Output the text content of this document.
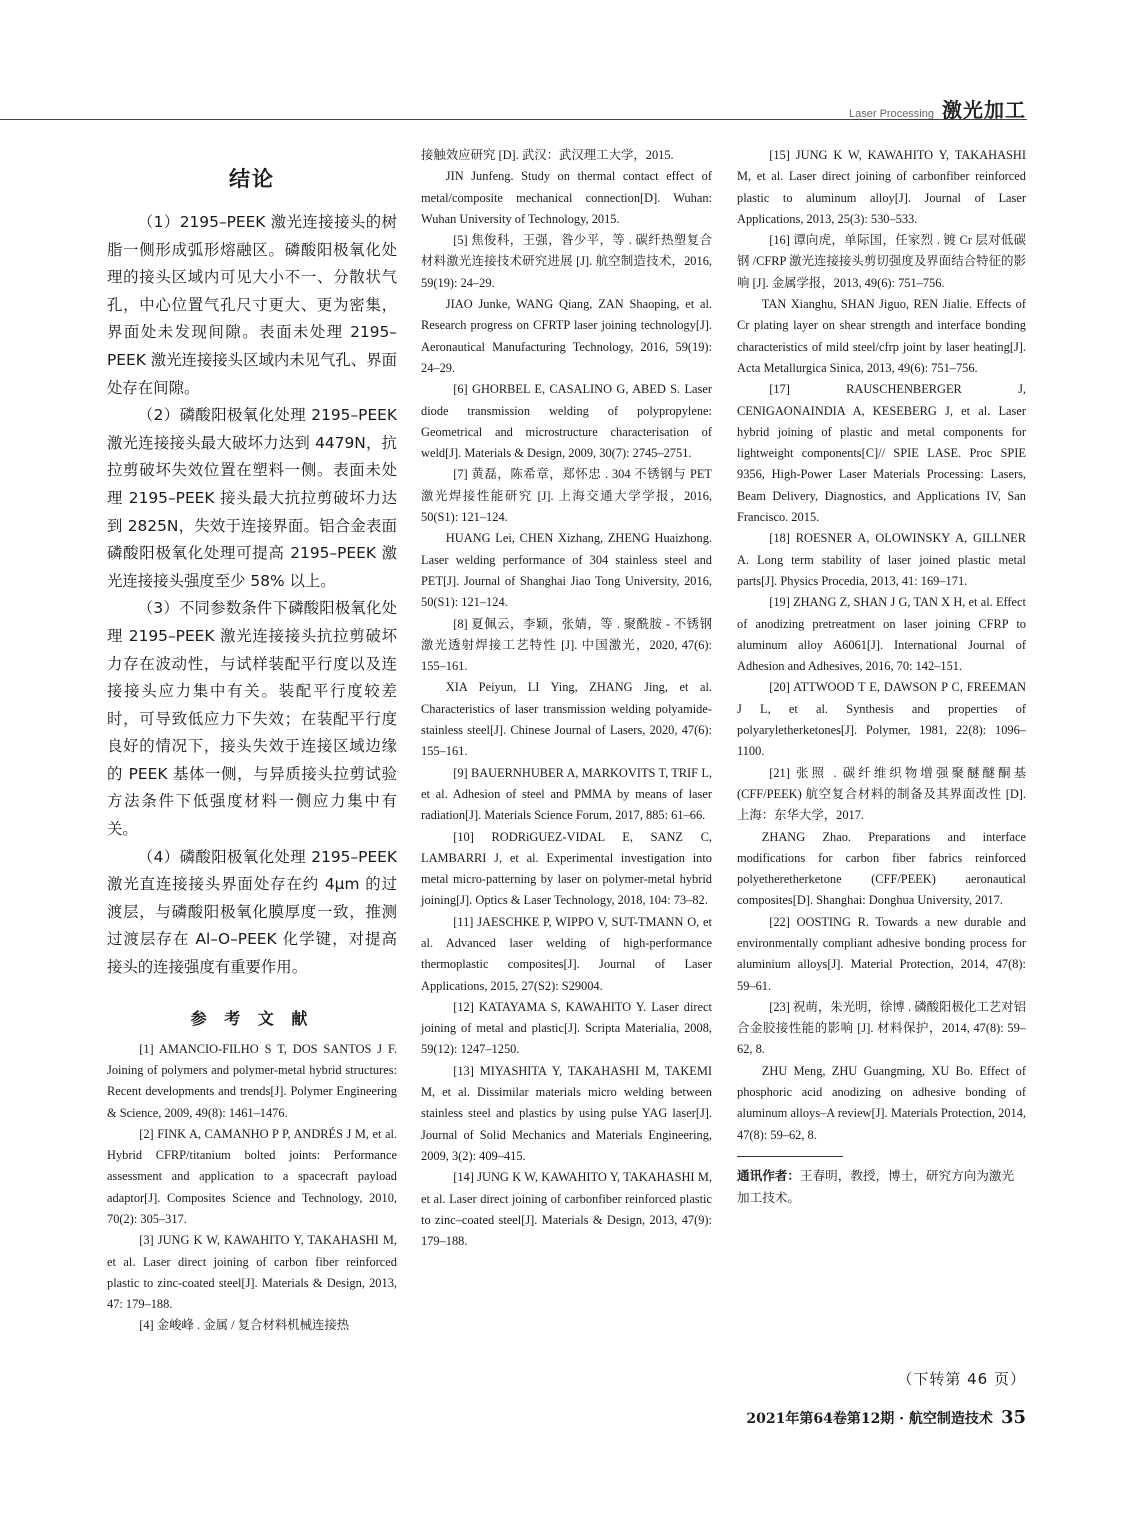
Laser Processing 激光加工
结论

（1）2195–PEEK 激光连接接头的树脂一侧形成弧形熔融区。磷酸阳极氧化处理的接头区域内可见大小不一、分散状气孔，中心位置气孔尺寸更大、更为密集，界面处未发现间隙。表面未处理 2195–PEEK 激光连接接头区域内未见气孔、界面处存在间隙。

（2）磷酸阳极氧化处理 2195–PEEK 激光连接接头最大破坏力达到 4479N，抗拉剪破坏失效位置在塑料一侧。表面未处理 2195–PEEK 接头最大抗拉剪破坏力达到 2825N，失效于连接界面。铝合金表面磷酸阳极氧化处理可提高 2195–PEEK 激光连接接头强度至少 58% 以上。

（3）不同参数条件下磷酸阳极氧化处理 2195–PEEK 激光连接接头抗拉剪破坏力存在波动性，与试样装配平行度以及连接接头应力集中有关。装配平行度较差时，可导致低应力下失效；在装配平行度良好的情况下，接头失效于连接区域边缘的 PEEK 基体一侧，与异质接头拉剪试验方法条件下低强度材料一侧应力集中有关。

（4）磷酸阳极氧化处理 2195–PEEK 激光直连接接头界面处存在约 4μm 的过渡层，与磷酸阳极氧化膜厚度一致，推测过渡层存在 Al–O–PEEK 化学键，对提高接头的连接强度有重要作用。

参 考 文 献

[1] AMANCIO-FILHO S T, DOS SANTOS J F. Joining of polymers and polymer-metal hybrid structures: Recent developments and trends[J]. Polymer Engineering & Science, 2009, 49(8): 1461–1476.

[2] FINK A, CAMANHO P P, ANDRÉS J M, et al. Hybrid CFRP/titanium bolted joints: Performance assessment and application to a spacecraft payload adaptor[J]. Composites Science and Technology, 2010, 70(2): 305–317.

[3] JUNG K W, KAWAHITO Y, TAKAHASHI M, et al. Laser direct joining of carbon fiber reinforced plastic to zinc-coated steel[J]. Materials & Design, 2013, 47: 179–188.

[4] 金峻峰 . 金属 / 复合材料机械连接热

接触效应研究 [D]. 武汉：武汉理工大学，2015.

JIN Junfeng. Study on thermal contact effect of metal/composite mechanical connection[D]. Wuhan: Wuhan University of Technology, 2015.

[5] 焦俊科，王强，昝少平，等 . 碳纤热塑复合材料激光连接技术研究进展 [J]. 航空制造技术，2016, 59(19): 24–29.

JIAO Junke, WANG Qiang, ZAN Shaoping, et al. Research progress on CFRTP laser joining technology[J]. Aeronautical Manufacturing Technology, 2016, 59(19): 24–29.

[6] GHORBEL E, CASALINO G, ABED S. Laser diode transmission welding of polypropylene: Geometrical and microstructure characterisation of weld[J]. Materials & Design, 2009, 30(7): 2745–2751.

[7] 黄磊，陈希章，郑怀忠 . 304 不锈钢与 PET 激光焊接性能研究 [J]. 上海交通大学学报，2016, 50(S1): 121–124.

HUANG Lei, CHEN Xizhang, ZHENG Huaizhong. Laser welding performance of 304 stainless steel and PET[J]. Journal of Shanghai Jiao Tong University, 2016, 50(S1): 121–124.

[8] 夏佩云，李颖，张婧，等 . 聚酰胺 - 不锈钢激光透射焊接工艺特性 [J]. 中国激光，2020, 47(6): 155–161.

XIA Peiyun, LI Ying, ZHANG Jing, et al. Characteristics of laser transmission welding polyamide-stainless steel[J]. Chinese Journal of Lasers, 2020, 47(6): 155–161.

[9] BAUERNHUBER A, MARKOVITS T, TRIF L, et al. Adhesion of steel and PMMA by means of laser radiation[J]. Materials Science Forum, 2017, 885: 61–66.

[10] RODRiGUEZ-VIDAL E, SANZ C, LAMBARRI J, et al. Experimental investigation into metal micro-patterning by laser on polymer-metal hybrid joining[J]. Optics & Laser Technology, 2018, 104: 73–82.

[11] JAESCHKE P, WIPPO V, SUT-TMANN O, et al. Advanced laser welding of high-performance thermoplastic composites[J]. Journal of Laser Applications, 2015, 27(S2): S29004.

[12] KATAYAMA S, KAWAHITO Y. Laser direct joining of metal and plastic[J]. Scripta Materialia, 2008, 59(12): 1247–1250.

[13] MIYASHITA Y, TAKAHASHI M, TAKEMI M, et al. Dissimilar materials micro welding between stainless steel and plastics by using pulse YAG laser[J]. Journal of Solid Mechanics and Materials Engineering, 2009, 3(2): 409–415.

[14] JUNG K W, KAWAHITO Y, TAKAHASHI M, et al. Laser direct joining of carbonfiber reinforced plastic to zinc–coated steel[J]. Materials & Design, 2013, 47(9): 179–188.

[15] JUNG K W, KAWAHITO Y, TAKAHASHI M, et al. Laser direct joining of carbonfiber reinforced plastic to aluminum alloy[J]. Journal of Laser Applications, 2013, 25(3): 530–533.

[16] 谭向虎，单际国，任家烈 . 镀 Cr 层对低碳钢 /CFRP 激光连接接头剪切强度及界面结合特征的影响 [J]. 金属学报，2013, 49(6): 751–756.

TAN Xianghu, SHAN Jiguo, REN Jialie. Effects of Cr plating layer on shear strength and interface bonding characteristics of mild steel/cfrp joint by laser heating[J]. Acta Metallurgica Sinica, 2013, 49(6): 751–756.

[17] RAUSCHENBERGER J, CENIGAONAINDIA A, KESEBERG J, et al. Laser hybrid joining of plastic and metal components for lightweight components[C]// SPIE LASE. Proc SPIE 9356, High-Power Laser Materials Processing: Lasers, Beam Delivery, Diagnostics, and Applications IV, San Francisco. 2015.

[18] ROESNER A, OLOWINSKY A, GILLNER A. Long term stability of laser joined plastic metal parts[J]. Physics Procedia, 2013, 41: 169–171.

[19] ZHANG Z, SHAN J G, TAN X H, et al. Effect of anodizing pretreatment on laser joining CFRP to aluminum alloy A6061[J]. International Journal of Adhesion and Adhesives, 2016, 70: 142–151.

[20] ATTWOOD T E, DAWSON P C, FREEMAN J L, et al. Synthesis and properties of polyaryletherketones[J]. Polymer, 1981, 22(8): 1096–1100.

[21] 张照 . 碳纤维织物增强聚醚醚酮基 (CFF/PEEK) 航空复合材料的制备及其界面改性 [D]. 上海：东华大学，2017.

ZHANG Zhao. Preparations and interface modifications for carbon fiber fabrics reinforced polyetheretherketone (CFF/PEEK) aeronautical composites[D]. Shanghai: Donghua University, 2017.

[22] OOSTING R. Towards a new durable and environmentally compliant adhesive bonding process for aluminium alloys[J]. Material Protection, 2014, 47(8): 59–61.

[23] 祝萌，朱光明，徐博 . 磷酸阳极化工艺对铝合金胶接性能的影响 [J]. 材料保护，2014, 47(8): 59–62, 8.

ZHU Meng, ZHU Guangming, XU Bo. Effect of phosphoric acid anodizing on adhesive bonding of aluminum alloys–A review[J]. Materials Protection, 2014, 47(8): 59–62, 8.

通讯作者：王春明，教授，博士，研究方向为激光加工技术。

（下转第 46 页）
2021年第64卷第12期 · 航空制造技术 35
